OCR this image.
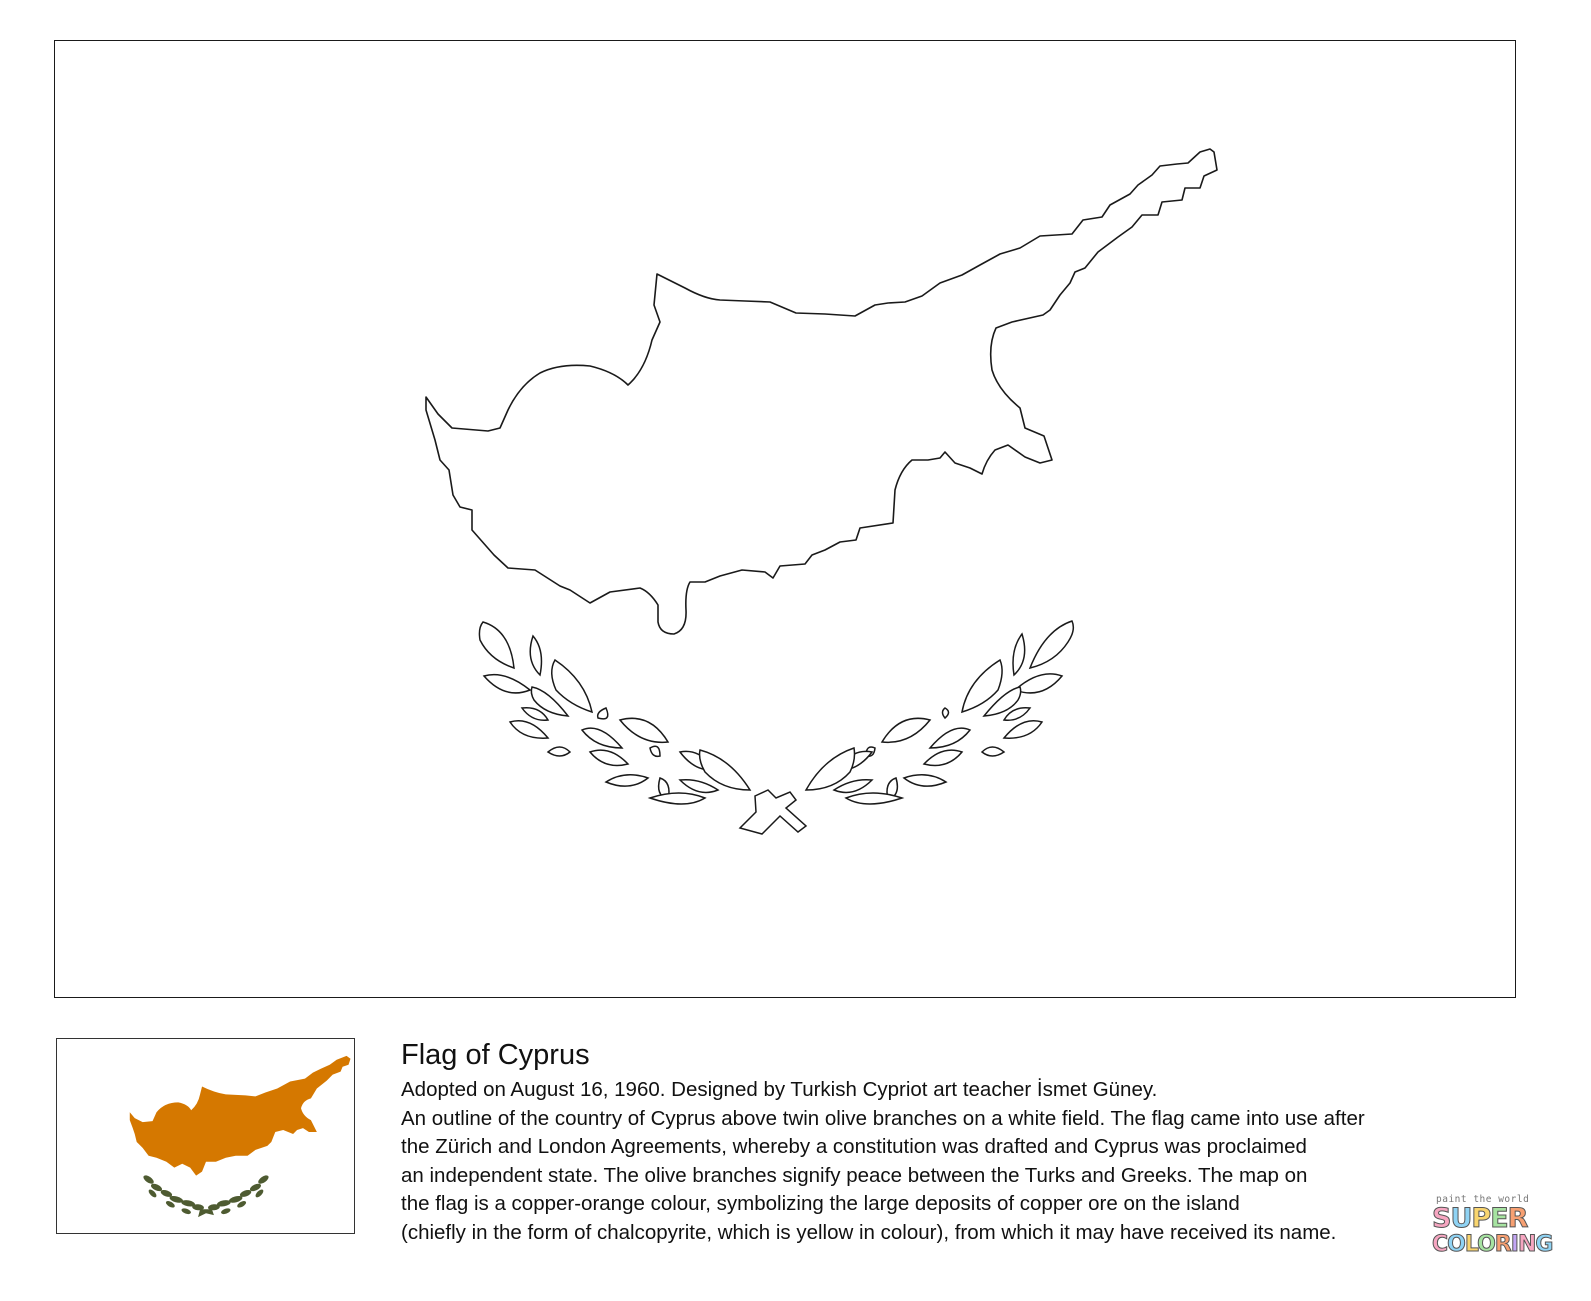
Flag of Cyprus

Adopted on August 16, 1960. Designed by Turkish Cypriot art teacher İsmet Güney.

An outline of the country of Cyprus above twin olive branches on a white field. The flag came into use after

the Zürich and London Agreements, whereby a constitution was drafted and Cyprus was proclaimed

an independent state. The olive branches signify peace between the Turks and Greeks. The map on

the flag is a copper-orange colour, symbolizing the large deposits of copper ore on the island

(chiefly in the form of chalcopyrite, which is yellow in colour), from which it may have received its name.

paint the world
SUPER
COLORING
